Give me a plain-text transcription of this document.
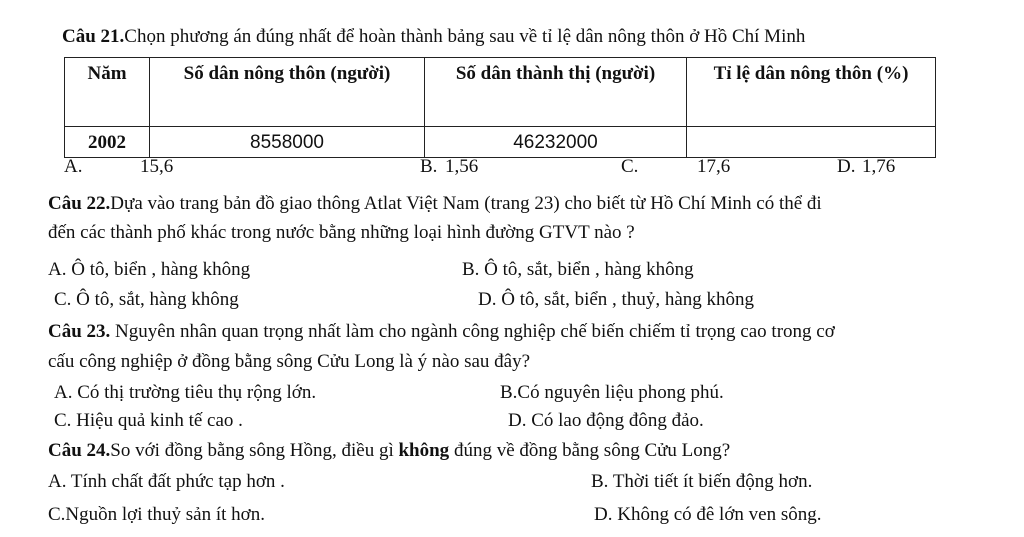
Câu 21.Chọn phương án đúng nhất để hoàn thành bảng sau về tỉ lệ dân nông thôn ở Hồ Chí Minh
Năm	Số dân nông thôn (người)	Số dân thành thị (người)	Tỉ lệ dân nông thôn (%)
2002	8558000	46232000	
A.	15,6	B. 1,56	C.	17,6	D. 1,76
Câu 22.Dựa vào trang bản đồ giao thông Atlat Việt Nam (trang 23) cho biết từ Hồ Chí Minh có thể đi
đến các thành phố khác trong nước bằng những loại hình đường GTVT nào ?
A. Ô tô, biển , hàng không	B. Ô tô, sắt, biển , hàng không
C. Ô tô, sắt, hàng không	D. Ô tô, sắt, biển , thuỷ, hàng không
Câu 23. Nguyên nhân quan trọng nhất làm cho ngành công nghiệp chế biến chiếm tỉ trọng cao trong cơ
cấu công nghiệp ở đồng bằng sông Cửu Long là ý nào sau đây?
A. Có thị trường tiêu thụ rộng lớn.	B.Có nguyên liệu phong phú.
C. Hiệu quả kinh tế cao .	D. Có lao động đông đảo.
Câu 24.So với đồng bằng sông Hồng, điều gì không đúng về đồng bằng sông Cửu Long?
A. Tính chất đất phức tạp hơn .	B. Thời tiết ít biến động hơn.
C.Nguồn lợi thuỷ sản ít hơn.	D. Không có đê lớn ven sông.
